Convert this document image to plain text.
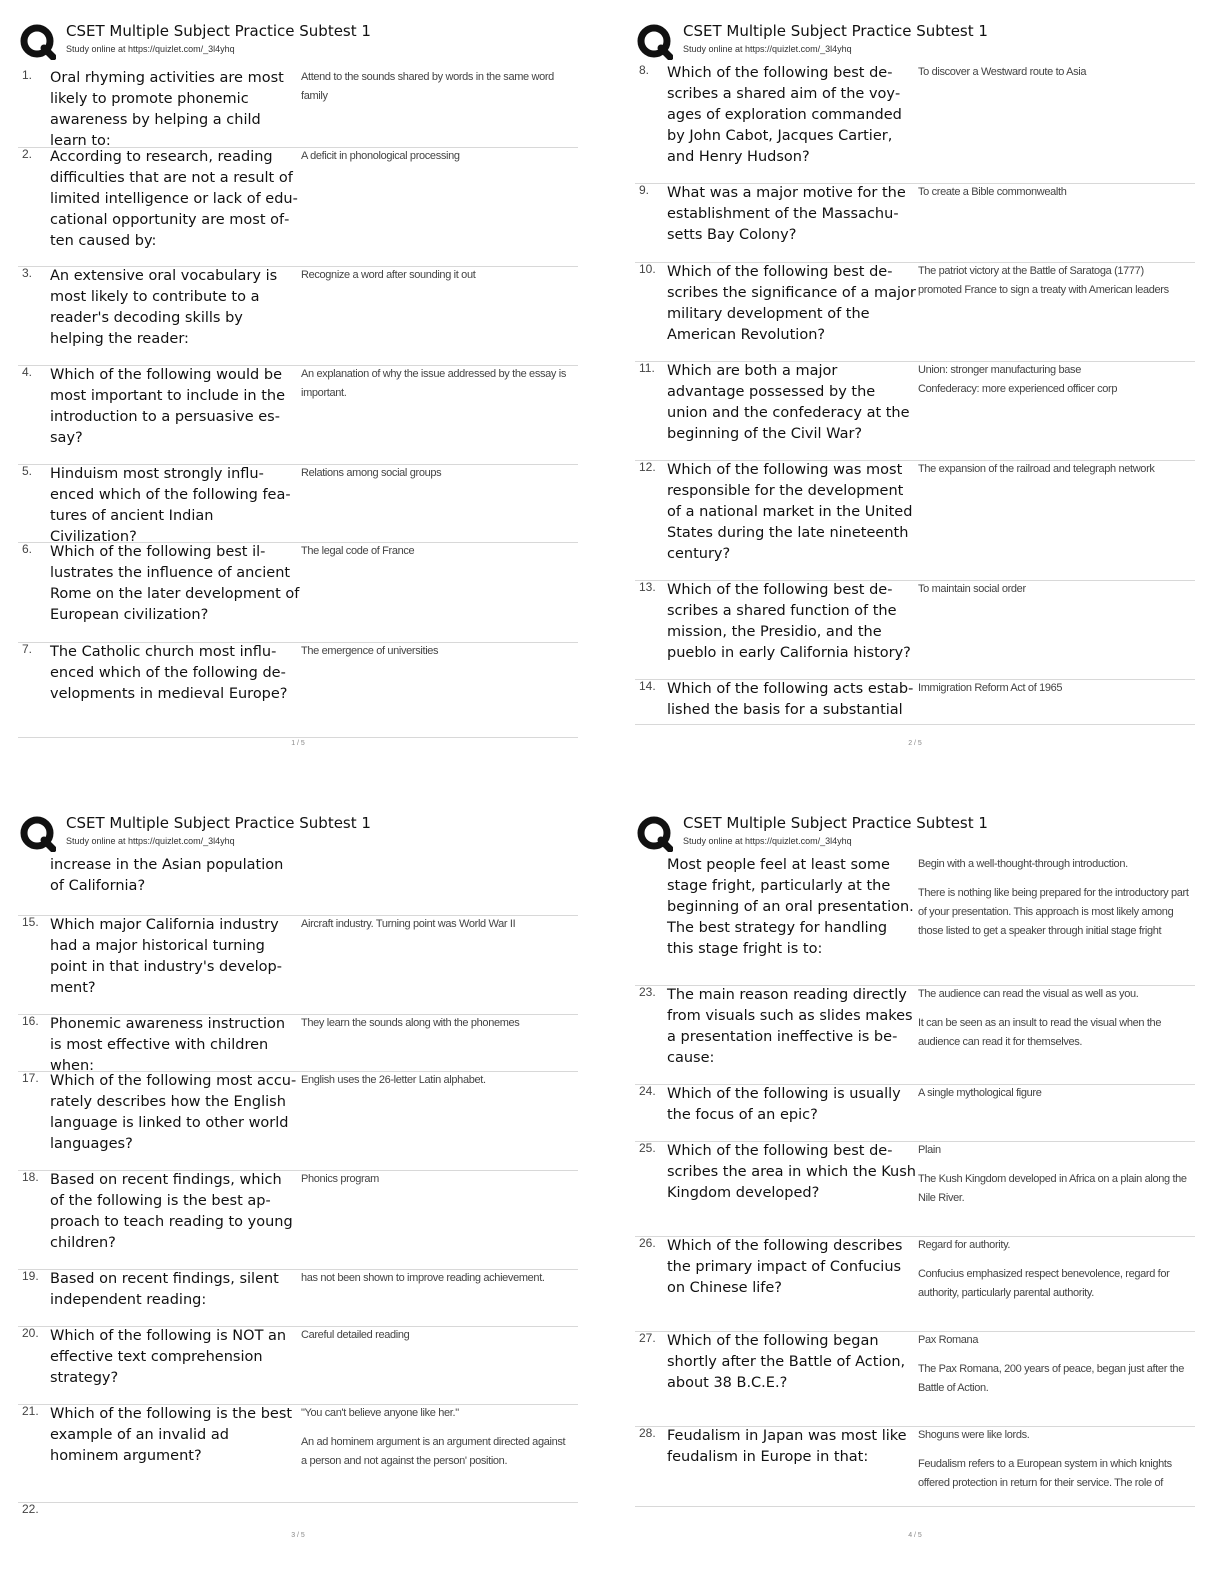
CSET Multiple Subject Practice Subtest 1
Study online at https://quizlet.com/_3l4yhq
1. Oral rhyming activities are most likely to promote phonemic awareness by helping a child learn to:
Attend to the sounds shared by words in the same word family
2. According to research, reading difficulties that are not a result of limited intelligence or lack of educational opportunity are most often caused by:
A deficit in phonological processing
3. An extensive oral vocabulary is most likely to contribute to a reader's decoding skills by helping the reader:
Recognize a word after sounding it out
4. Which of the following would be most important to include in the introduction to a persuasive essay?
An explanation of why the issue addressed by the essay is important.
5. Hinduism most strongly influenced which of the following features of ancient Indian Civilization?
Relations among social groups
6. Which of the following best illustrates the influence of ancient Rome on the later development of European civilization?
The legal code of France
7. The Catholic church most influenced which of the following developments in medieval Europe?
The emergence of universities
1 / 5
CSET Multiple Subject Practice Subtest 1
Study online at https://quizlet.com/_3l4yhq
8. Which of the following best describes a shared aim of the voyages of exploration commanded by John Cabot, Jacques Cartier, and Henry Hudson?
To discover a Westward route to Asia
9. What was a major motive for the establishment of the Massachusetts Bay Colony?
To create a Bible commonwealth
10. Which of the following best describes the significance of a major military development of the American Revolution?
The patriot victory at the Battle of Saratoga (1777) promoted France to sign a treaty with American leaders
11. Which are both a major advantage possessed by the union and the confederacy at the beginning of the Civil War?
Union: stronger manufacturing base
Confederacy: more experienced officer corp
12. Which of the following was most responsible for the development of a national market in the United States during the late nineteenth century?
The expansion of the railroad and telegraph network
13. Which of the following best describes a shared function of the mission, the Presidio, and the pueblo in early California history?
To maintain social order
14. Which of the following acts established the basis for a substantial
Immigration Reform Act of 1965
2 / 5
CSET Multiple Subject Practice Subtest 1
Study online at https://quizlet.com/_3l4yhq
increase in the Asian population of California?
15. Which major California industry had a major historical turning point in that industry's development?
Aircraft industry. Turning point was World War II
16. Phonemic awareness instruction is most effective with children when:
They learn the sounds along with the phonemes
17. Which of the following most accurately describes how the English language is linked to other world languages?
English uses the 26-letter Latin alphabet.
18. Based on recent findings, which of the following is the best approach to teach reading to young children?
Phonics program
19. Based on recent findings, silent independent reading:
has not been shown to improve reading achievement.
20. Which of the following is NOT an effective text comprehension strategy?
Careful detailed reading
21. Which of the following is the best example of an invalid ad hominem argument?
"You can't believe anyone like her."
An ad hominem argument is an argument directed against a person and not against the person' position.
22.
3 / 5
CSET Multiple Subject Practice Subtest 1
Study online at https://quizlet.com/_3l4yhq
Most people feel at least some stage fright, particularly at the beginning of an oral presentation. The best strategy for handling this stage fright is to:
Begin with a well-thought-through introduction.
There is nothing like being prepared for the introductory part of your presentation. This approach is most likely among those listed to get a speaker through initial stage fright
23. The main reason reading directly from visuals such as slides makes a presentation ineffective is because:
The audience can read the visual as well as you.
It can be seen as an insult to read the visual when the audience can read it for themselves.
24. Which of the following is usually the focus of an epic?
A single mythological figure
25. Which of the following best describes the area in which the Kush Kingdom developed?
Plain
The Kush Kingdom developed in Africa on a plain along the Nile River.
26. Which of the following describes the primary impact of Confucius on Chinese life?
Regard for authority.
Confucius emphasized respect benevolence, regard for authority, particularly parental authority.
27. Which of the following began shortly after the Battle of Action, about 38 B.C.E.?
Pax Romana
The Pax Romana, 200 years of peace, began just after the Battle of Action.
28. Feudalism in Japan was most like feudalism in Europe in that:
Shoguns were like lords.
Feudalism refers to a European system in which knights offered protection in return for their service. The role of
4 / 5
